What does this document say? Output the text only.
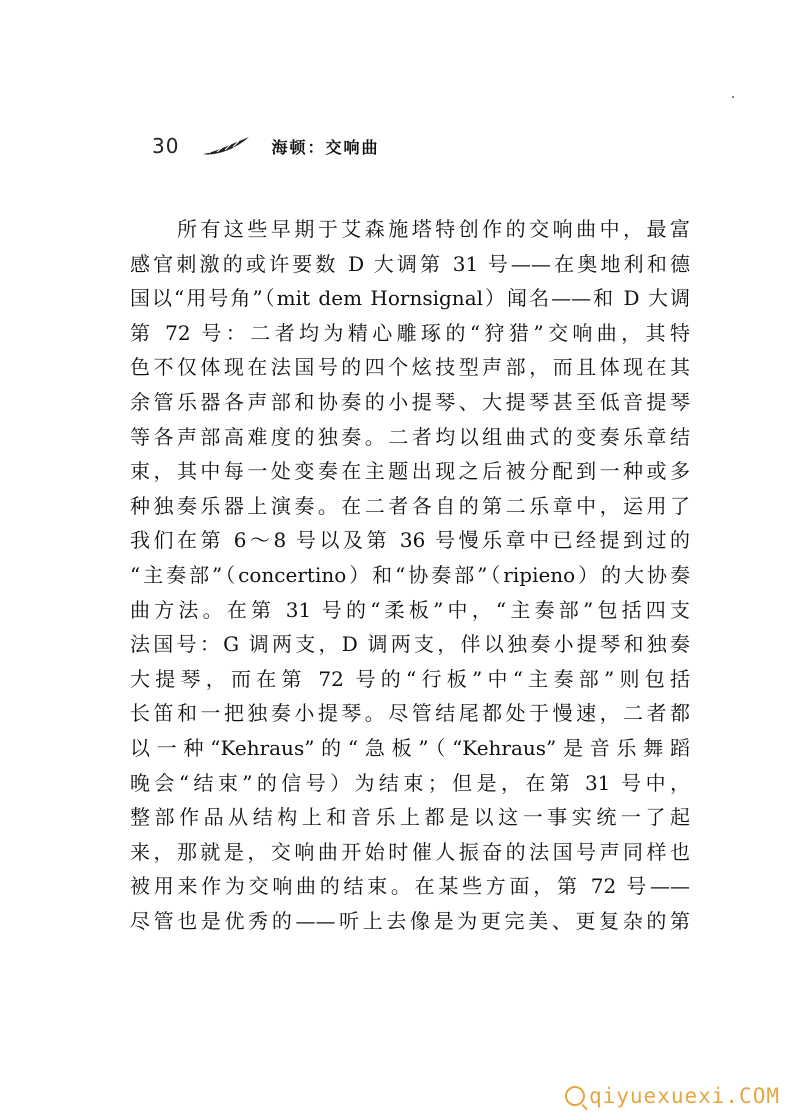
30	海顿：交响曲
　　所有这些早期于艾森施塔特创作的交响曲中，最富
感官刺激的或许要数 D 大调第 31 号——在奥地利和德
国以“用号角”（mit dem Hornsignal）闻名——和 D 大调
第 72 号：二者均为精心雕琢的“狩猎”交响曲，其特
色不仅体现在法国号的四个炫技型声部，而且体现在其
余管乐器各声部和协奏的小提琴、大提琴甚至低音提琴
等各声部高难度的独奏。二者均以组曲式的变奏乐章结
束，其中每一处变奏在主题出现之后被分配到一种或多
种独奏乐器上演奏。在二者各自的第二乐章中，运用了
我们在第 6～8 号以及第 36 号慢乐章中已经提到过的
“主奏部”（concertino）和“协奏部”（ripieno）的大协奏
曲方法。在第 31 号的“柔板”中，“主奏部”包括四支
法国号：G 调两支，D 调两支，伴以独奏小提琴和独奏
大提琴，而在第 72 号的“行板”中“主奏部”则包括
长笛和一把独奏小提琴。尽管结尾都处于慢速，二者都
以一种“Kehraus”的“急板”（“Kehraus”是音乐舞蹈
晚会“结束”的信号）为结束；但是，在第 31 号中，
整部作品从结构上和音乐上都是以这一事实统一了起
来，那就是，交响曲开始时催人振奋的法国号声同样也
被用来作为交响曲的结束。在某些方面，第 72 号——
尽管也是优秀的——听上去像是为更完美、更复杂的第
qiyuexuexi.COM
